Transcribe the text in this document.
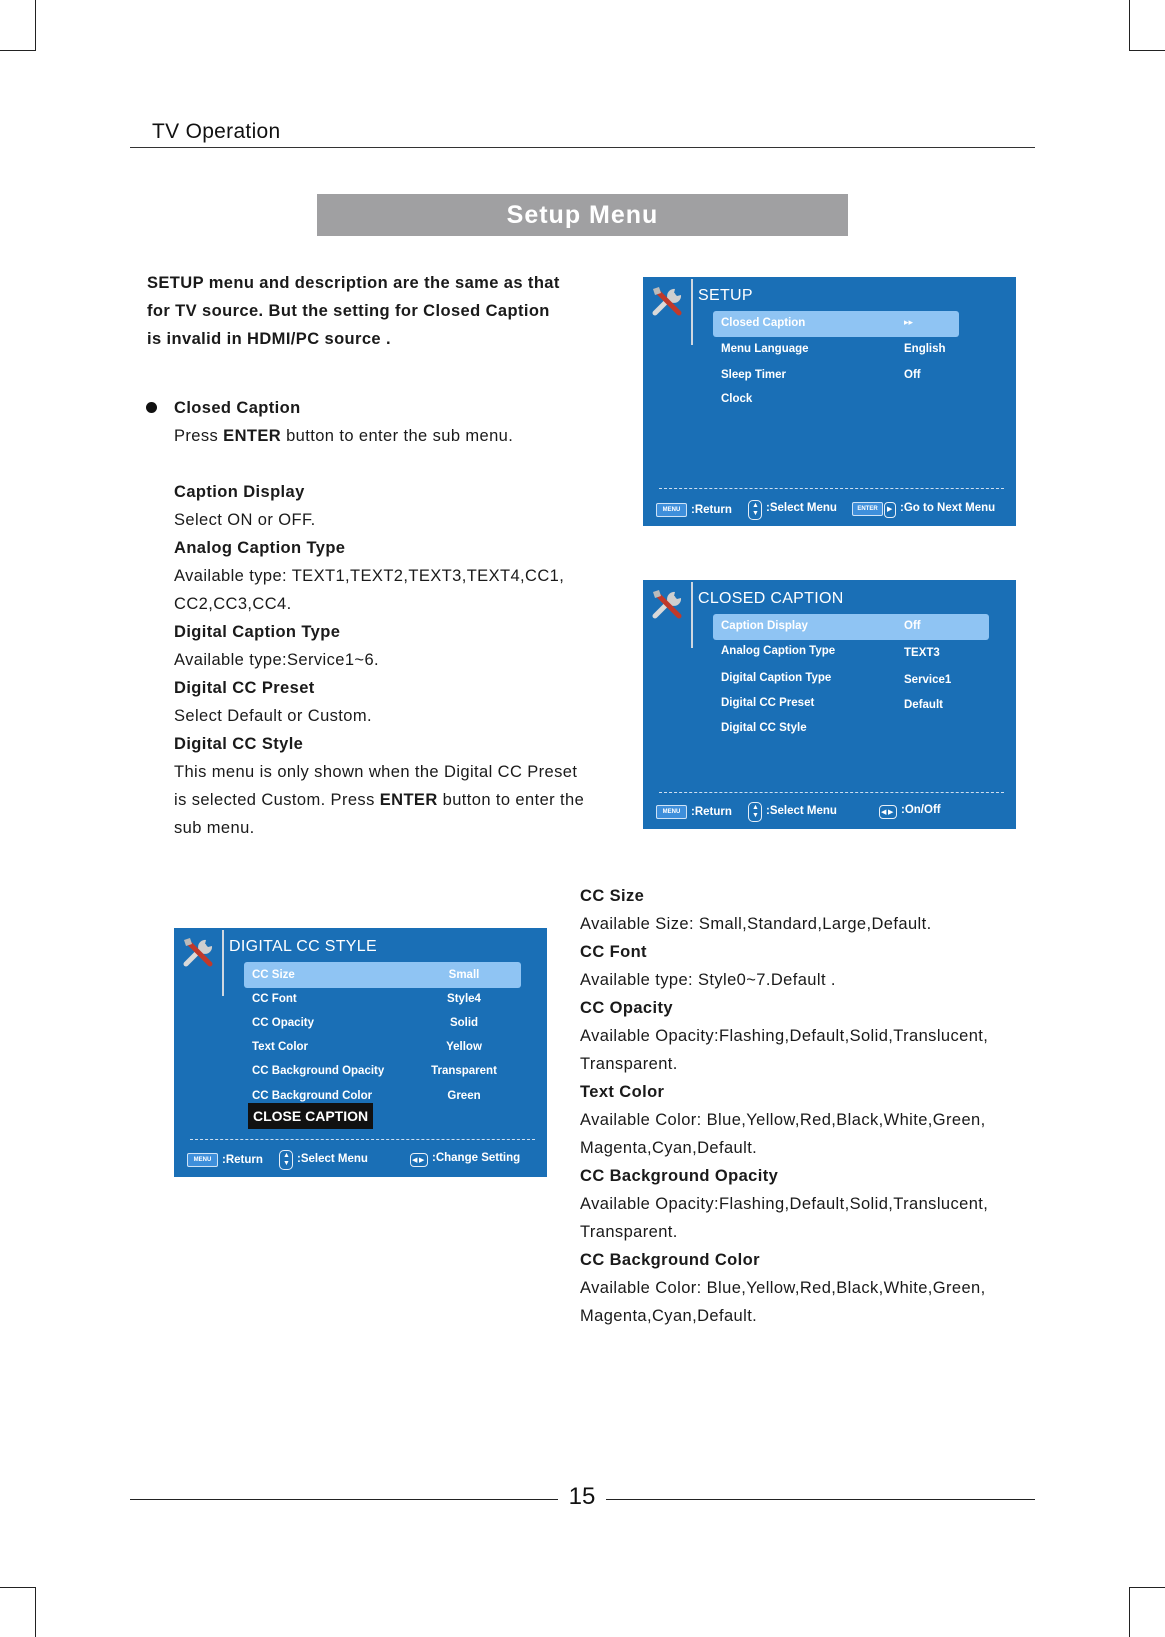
TV Operation
Setup Menu
SETUP menu and description are the same as that
for TV source. But the setting for Closed Caption
is invalid in HDMI/PC source .
Closed Caption
Press ENTER button to enter the sub menu.
Caption Display
Select ON or OFF.
Analog Caption Type
Available type: TEXT1,TEXT2,TEXT3,TEXT4,CC1,
CC2,CC3,CC4.
Digital Caption Type
Available type:Service1~6.
Digital CC Preset
Select Default or Custom.
Digital CC Style
This menu is only shown when the Digital CC Preset
is selected Custom. Press ENTER button to enter the
sub menu.
CC Size
Available Size: Small,Standard,Large,Default.
CC Font
Available type: Style0~7.Default .
CC Opacity
Available Opacity:Flashing,Default,Solid,Translucent,
Transparent.
Text Color
Available Color: Blue,Yellow,Red,Black,White,Green,
Magenta,Cyan,Default.
CC Background Opacity
Available Opacity:Flashing,Default,Solid,Translucent,
Transparent.
CC Background Color
Available Color: Blue,Yellow,Red,Black,White,Green,
Magenta,Cyan,Default.
SETUP
Closed Caption	▸▸
Menu Language	English
Sleep Timer	Off
Clock
MENU :Return	▲
▼ :Select Menu	ENTER	▶ :Go to Next Menu
CLOSED CAPTION
Caption Display	Off
Analog Caption Type	TEXT3
Digital Caption Type	Service1
Digital CC Preset	Default
Digital CC Style
MENU :Return	▲
▼ :Select Menu	◀ ▶ :On/Off
DIGITAL CC STYLE
CC Size	Small
CC Font	Style4
CC Opacity	Solid
Text Color	Yellow
CC Background Opacity	Transparent
CC Background Color	Green
CLOSE CAPTION
MENU :Return	▲
▼ :Select Menu	◀ ▶ :Change Setting
15
